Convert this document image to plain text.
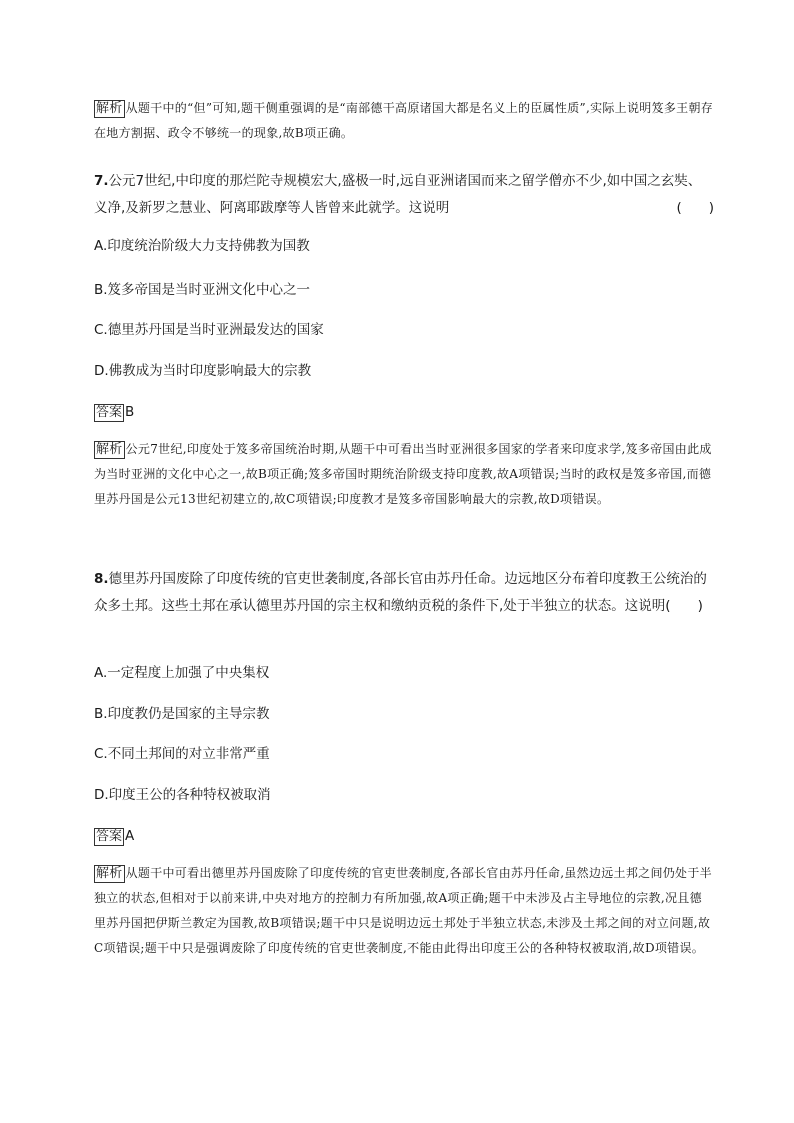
解析 从题干中的“但”可知,题干侧重强调的是“南部德干高原诸国大都是名义上的臣属性质”,实际上说明笈多王朝存在地方割据、政令不够统一的现象,故B项正确。
7.公元7世纪,中印度的那烂陀寺规模宏大,盛极一时,远自亚洲诸国而来之留学僧亦不少,如中国之玄奘、义净,及新罗之慧业、阿离耶跋摩等人皆曾来此就学。这说明	(　　)
A.印度统治阶级大力支持佛教为国教
B.笈多帝国是当时亚洲文化中心之一
C.德里苏丹国是当时亚洲最发达的国家
D.佛教成为当时印度影响最大的宗教
答案 B
解析 公元7世纪,印度处于笈多帝国统治时期,从题干中可看出当时亚洲很多国家的学者来印度求学,笈多帝国由此成为当时亚洲的文化中心之一,故B项正确;笈多帝国时期统治阶级支持印度教,故A项错误;当时的政权是笈多帝国,而德里苏丹国是公元13世纪初建立的,故C项错误;印度教才是笈多帝国影响最大的宗教,故D项错误。
8.德里苏丹国废除了印度传统的官吏世袭制度,各部长官由苏丹任命。边远地区分布着印度教王公统治的众多土邦。这些土邦在承认德里苏丹国的宗主权和缴纳贡税的条件下,处于半独立的状态。这说明(　　)
A.一定程度上加强了中央集权
B.印度教仍是国家的主导宗教
C.不同土邦间的对立非常严重
D.印度王公的各种特权被取消
答案 A
解析 从题干中可看出德里苏丹国废除了印度传统的官吏世袭制度,各部长官由苏丹任命,虽然边远土邦之间仍处于半独立的状态,但相对于以前来讲,中央对地方的控制力有所加强,故A项正确;题干中未涉及占主导地位的宗教,况且德里苏丹国把伊斯兰教定为国教,故B项错误;题干中只是说明边远土邦处于半独立状态,未涉及土邦之间的对立问题,故C项错误;题干中只是强调废除了印度传统的官吏世袭制度,不能由此得出印度王公的各种特权被取消,故D项错误。
